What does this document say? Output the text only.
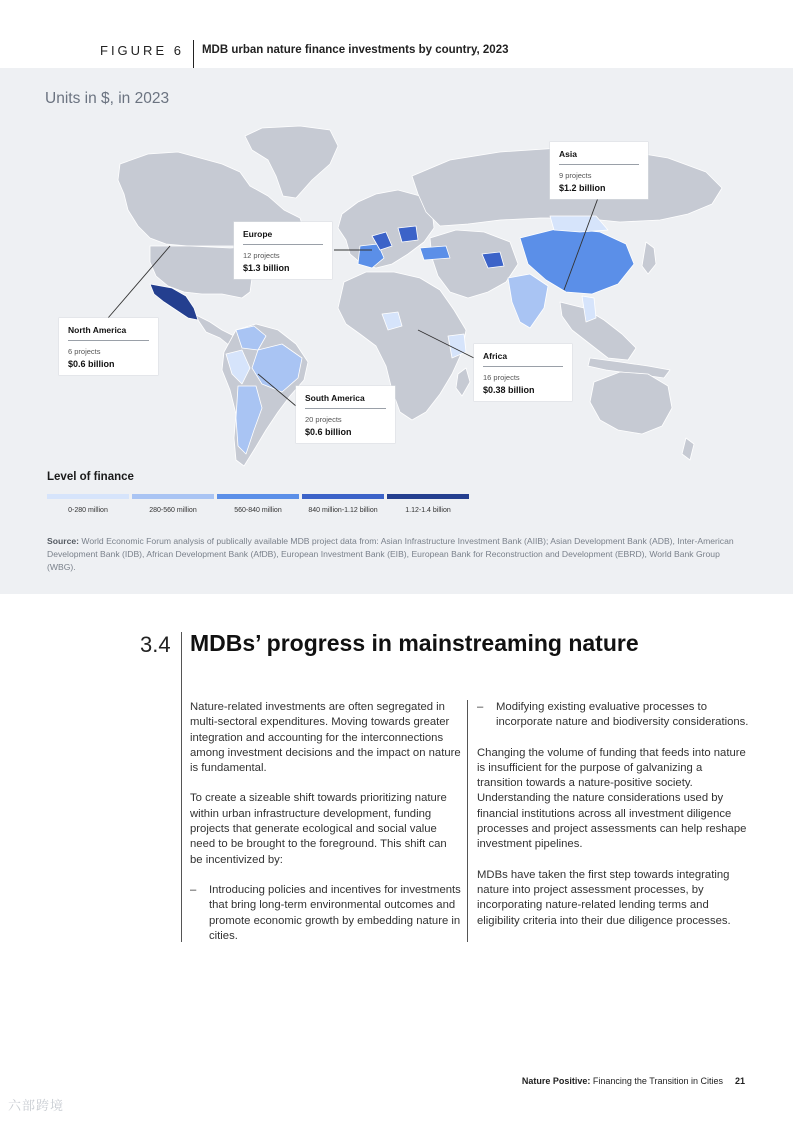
FIGURE 6 MDB urban nature finance investments by country, 2023
Units in $, in 2023
Asia
9 projects
$1.2 billion
Europe
12 projects
$1.3 billion
North America
6 projects
$0.6 billion
Africa
16 projects
$0.38 billion
South America
20 projects
$0.6 billion
Level of finance
0-280 million	280-560 million	560-840 million	840 million-1.12 billion	1.12-1.4 billion
Source: World Economic Forum analysis of publically available MDB project data from: Asian Infrastructure Investment Bank (AIIB); Asian Development Bank (ADB), Inter-American Development Bank (IDB), African Development Bank (AfDB), European Investment Bank (EIB), European Bank for Reconstruction and Development (EBRD), World Bank Group (WBG).
3.4 MDBs’ progress in mainstreaming nature

Nature-related investments are often segregated in multi-sectoral expenditures. Moving towards greater integration and accounting for the interconnections among investment decisions and the impact on nature is fundamental.

To create a sizeable shift towards prioritizing nature within urban infrastructure development, funding projects that generate ecological and social value need to be brought to the foreground. This shift can be incentivized by:

–	Introducing policies and incentives for investments that bring long-term environmental outcomes and promote economic growth by embedding nature in cities.
–	Modifying existing evaluative processes to incorporate nature and biodiversity considerations.

Changing the volume of funding that feeds into nature is insufficient for the purpose of galvanizing a transition towards a nature-positive society. Understanding the nature considerations used by financial institutions across all investment diligence processes and project assessments can help reshape investment pipelines.

MDBs have taken the first step towards integrating nature into project assessment processes, by incorporating nature-related lending terms and eligibility criteria into their due diligence processes.

Nature Positive: Financing the Transition in Cities 21
六部跨境
